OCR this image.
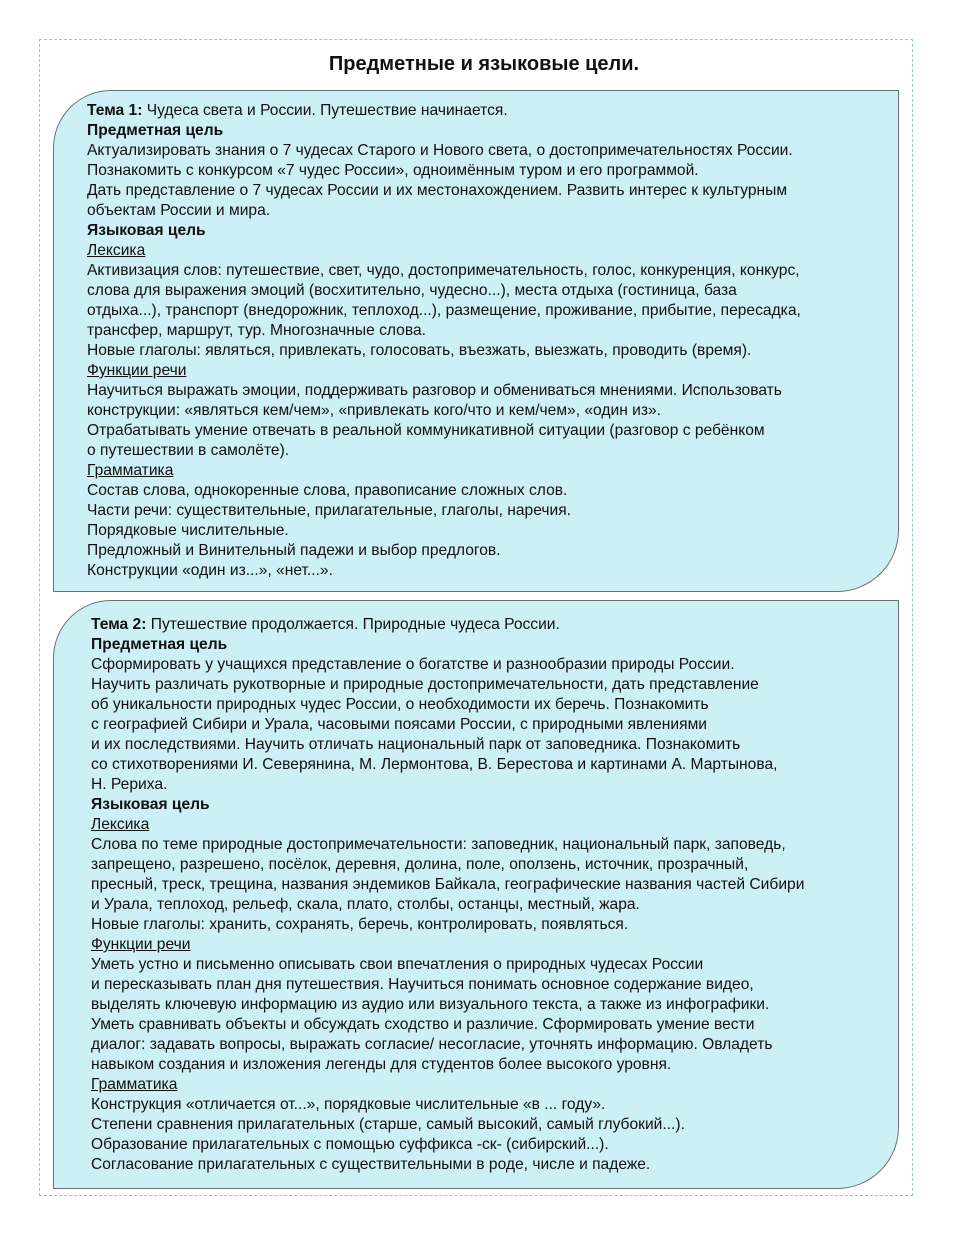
Предметные и языковые цели.
Тема 1: Чудеса света и России. Путешествие начинается.
Предметная цель
Актуализировать знания о 7 чудесах Старого и Нового света, о достопримечательностях России.
Познакомить с конкурсом «7 чудес России», одноимённым туром и его программой.
Дать представление о 7 чудесах России и их местонахождением. Развить интерес к культурным
объектам России и мира.
Языковая цель
Лексика
Активизация слов: путешествие, свет, чудо, достопримечательность, голос, конкуренция, конкурс,
слова для выражения эмоций (восхитительно, чудесно...), места отдыха (гостиница, база
отдыха...), транспорт (внедорожник, теплоход...), размещение, проживание, прибытие, пересадка,
трансфер, маршрут, тур. Многозначные слова.
Новые глаголы: являться, привлекать, голосовать, въезжать, выезжать, проводить (время).
Функции речи
Научиться выражать эмоции, поддерживать разговор и обмениваться мнениями. Использовать
конструкции: «являться кем/чем», «привлекать кого/что и кем/чем», «один из».
Отрабатывать умение отвечать в реальной коммуникативной ситуации (разговор с ребёнком
о путешествии в самолёте).
Грамматика
Состав слова, однокоренные слова, правописание сложных слов.
Части речи: существительные, прилагательные, глаголы, наречия.
Порядковые числительные.
Предложный и Винительный падежи и выбор предлогов.
Конструкции «один из...», «нет...».
Тема 2: Путешествие продолжается. Природные чудеса России.
Предметная цель
Сформировать у учащихся представление о богатстве и разнообразии природы России.
Научить различать рукотворные и природные достопримечательности, дать представление
об уникальности природных чудес России, о необходимости их беречь. Познакомить
с географией Сибири и Урала, часовыми поясами России, с природными явлениями
и их последствиями. Научить отличать национальный парк от заповедника. Познакомить
со стихотворениями И. Северянина, М. Лермонтова, В. Берестова и картинами А. Мартынова,
Н. Рериха.
Языковая цель
Лексика
Слова по теме природные достопримечательности: заповедник, национальный парк, заповедь,
запрещено, разрешено, посёлок, деревня, долина, поле, оползень, источник, прозрачный,
пресный, треск, трещина, названия эндемиков Байкала, географические названия частей Сибири
и Урала, теплоход, рельеф, скала, плато, столбы, останцы, местный, жара.
Новые глаголы: хранить, сохранять, беречь, контролировать, появляться.
Функции речи
Уметь устно и письменно описывать свои впечатления о природных чудесах России
и пересказывать план дня путешествия. Научиться понимать основное содержание видео,
выделять ключевую информацию из аудио или визуального текста, а также из инфографики.
Уметь сравнивать объекты и обсуждать сходство и различие. Сформировать умение вести
диалог: задавать вопросы, выражать согласие/ несогласие, уточнять информацию. Овладеть
навыком создания и изложения легенды для студентов более высокого уровня.
Грамматика
Конструкция «отличается от...», порядковые числительные «в ... году».
Степени сравнения прилагательных (старше, самый высокий, самый глубокий...).
Образование прилагательных с помощью суффикса -ск- (сибирский...).
Согласование прилагательных с существительными в роде, числе и падеже.
